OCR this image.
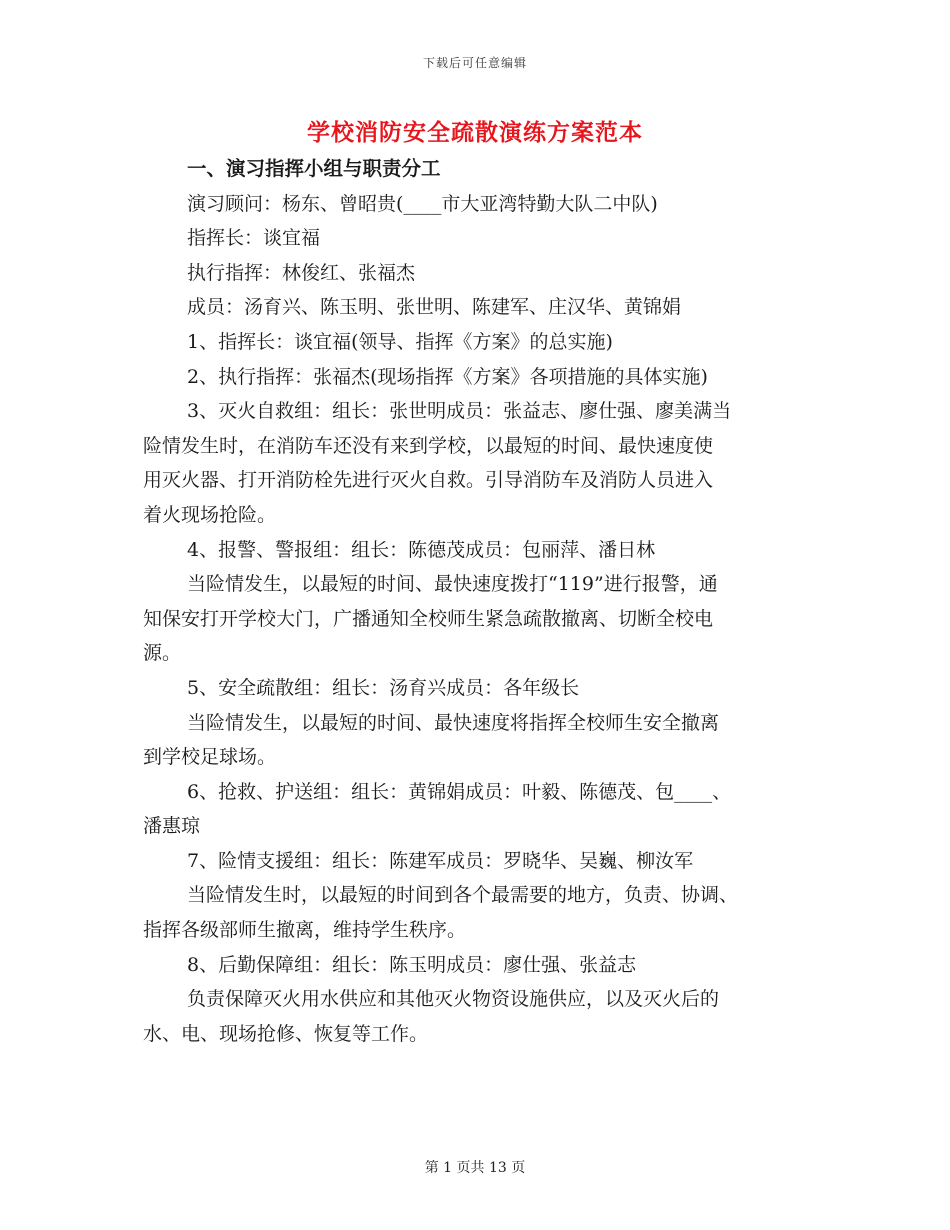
下载后可任意编辑
学校消防安全疏散演练方案范本
一、演习指挥小组与职责分工
演习顾问：杨东、曾昭贵(____市大亚湾特勤大队二中队)
指挥长：谈宜福
执行指挥：林俊红、张福杰
成员：汤育兴、陈玉明、张世明、陈建军、庄汉华、黄锦娟
1、指挥长：谈宜福(领导、指挥《方案》的总实施)
2、执行指挥：张福杰(现场指挥《方案》各项措施的具体实施)
3、灭火自救组：组长：张世明成员：张益志、廖仕强、廖美满当
险情发生时，在消防车还没有来到学校，以最短的时间、最快速度使
用灭火器、打开消防栓先进行灭火自救。引导消防车及消防人员进入
着火现场抢险。
4、报警、警报组：组长：陈德茂成员：包丽萍、潘日林
当险情发生，以最短的时间、最快速度拨打“119”进行报警，通
知保安打开学校大门，广播通知全校师生紧急疏散撤离、切断全校电
源。
5、安全疏散组：组长：汤育兴成员：各年级长
当险情发生，以最短的时间、最快速度将指挥全校师生安全撤离
到学校足球场。
6、抢救、护送组：组长：黄锦娟成员：叶毅、陈德茂、包____、
潘惠琼
7、险情支援组：组长：陈建军成员：罗晓华、吴巍、柳汝军
当险情发生时，以最短的时间到各个最需要的地方，负责、协调、
指挥各级部师生撤离，维持学生秩序。
8、后勤保障组：组长：陈玉明成员：廖仕强、张益志
负责保障灭火用水供应和其他灭火物资设施供应，以及灭火后的
水、电、现场抢修、恢复等工作。
第 1 页共 13 页
